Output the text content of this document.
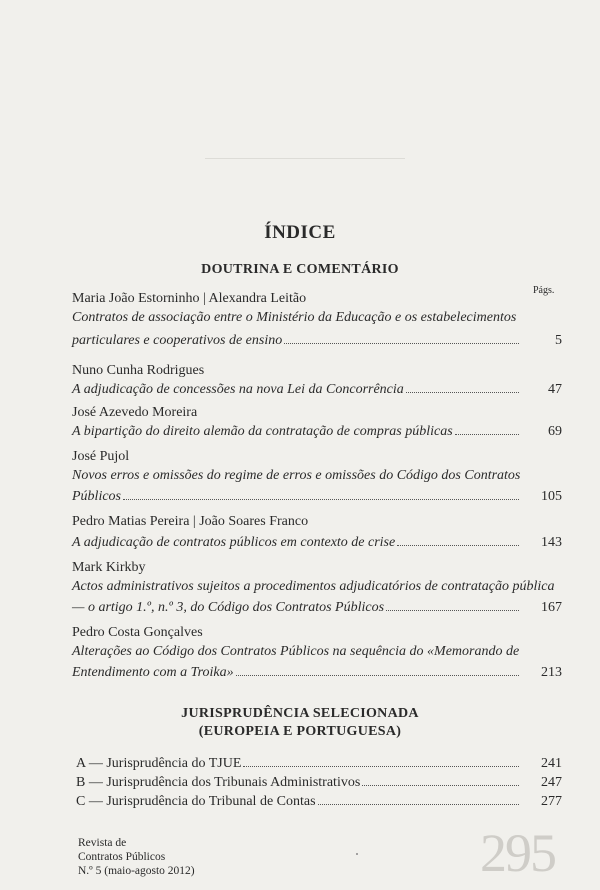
ÍNDICE
DOUTRINA E COMENTÁRIO
Págs.
Maria João Estorninho | Alexandra Leitão
Contratos de associação entre o Ministério da Educação e os estabelecimentos

particulares e cooperativos de ensino	5
Nuno Cunha Rodrigues
A adjudicação de concessões na nova Lei da Concorrência	47
José Azevedo Moreira
A bipartição do direito alemão da contratação de compras públicas	69
José Pujol
Novos erros e omissões do regime de erros e omissões do Código dos Contratos

Públicos	105
Pedro Matias Pereira | João Soares Franco
A adjudicação de contratos públicos em contexto de crise	143
Mark Kirkby
Actos administrativos sujeitos a procedimentos adjudicatórios de contratação pública

— o artigo 1.º, n.º 3, do Código dos Contratos Públicos	167
Pedro Costa Gonçalves
Alterações ao Código dos Contratos Públicos na sequência do «Memorando de

Entendimento com a Troika»	213
JURISPRUDÊNCIA SELECIONADA
(EUROPEIA E PORTUGUESA)
A — Jurisprudência do TJUE	241
B — Jurisprudência dos Tribunais Administrativos	247
C — Jurisprudência do Tribunal de Contas	277
Revista de
Contratos Públicos
N.º 5 (maio-agosto 2012)	295
